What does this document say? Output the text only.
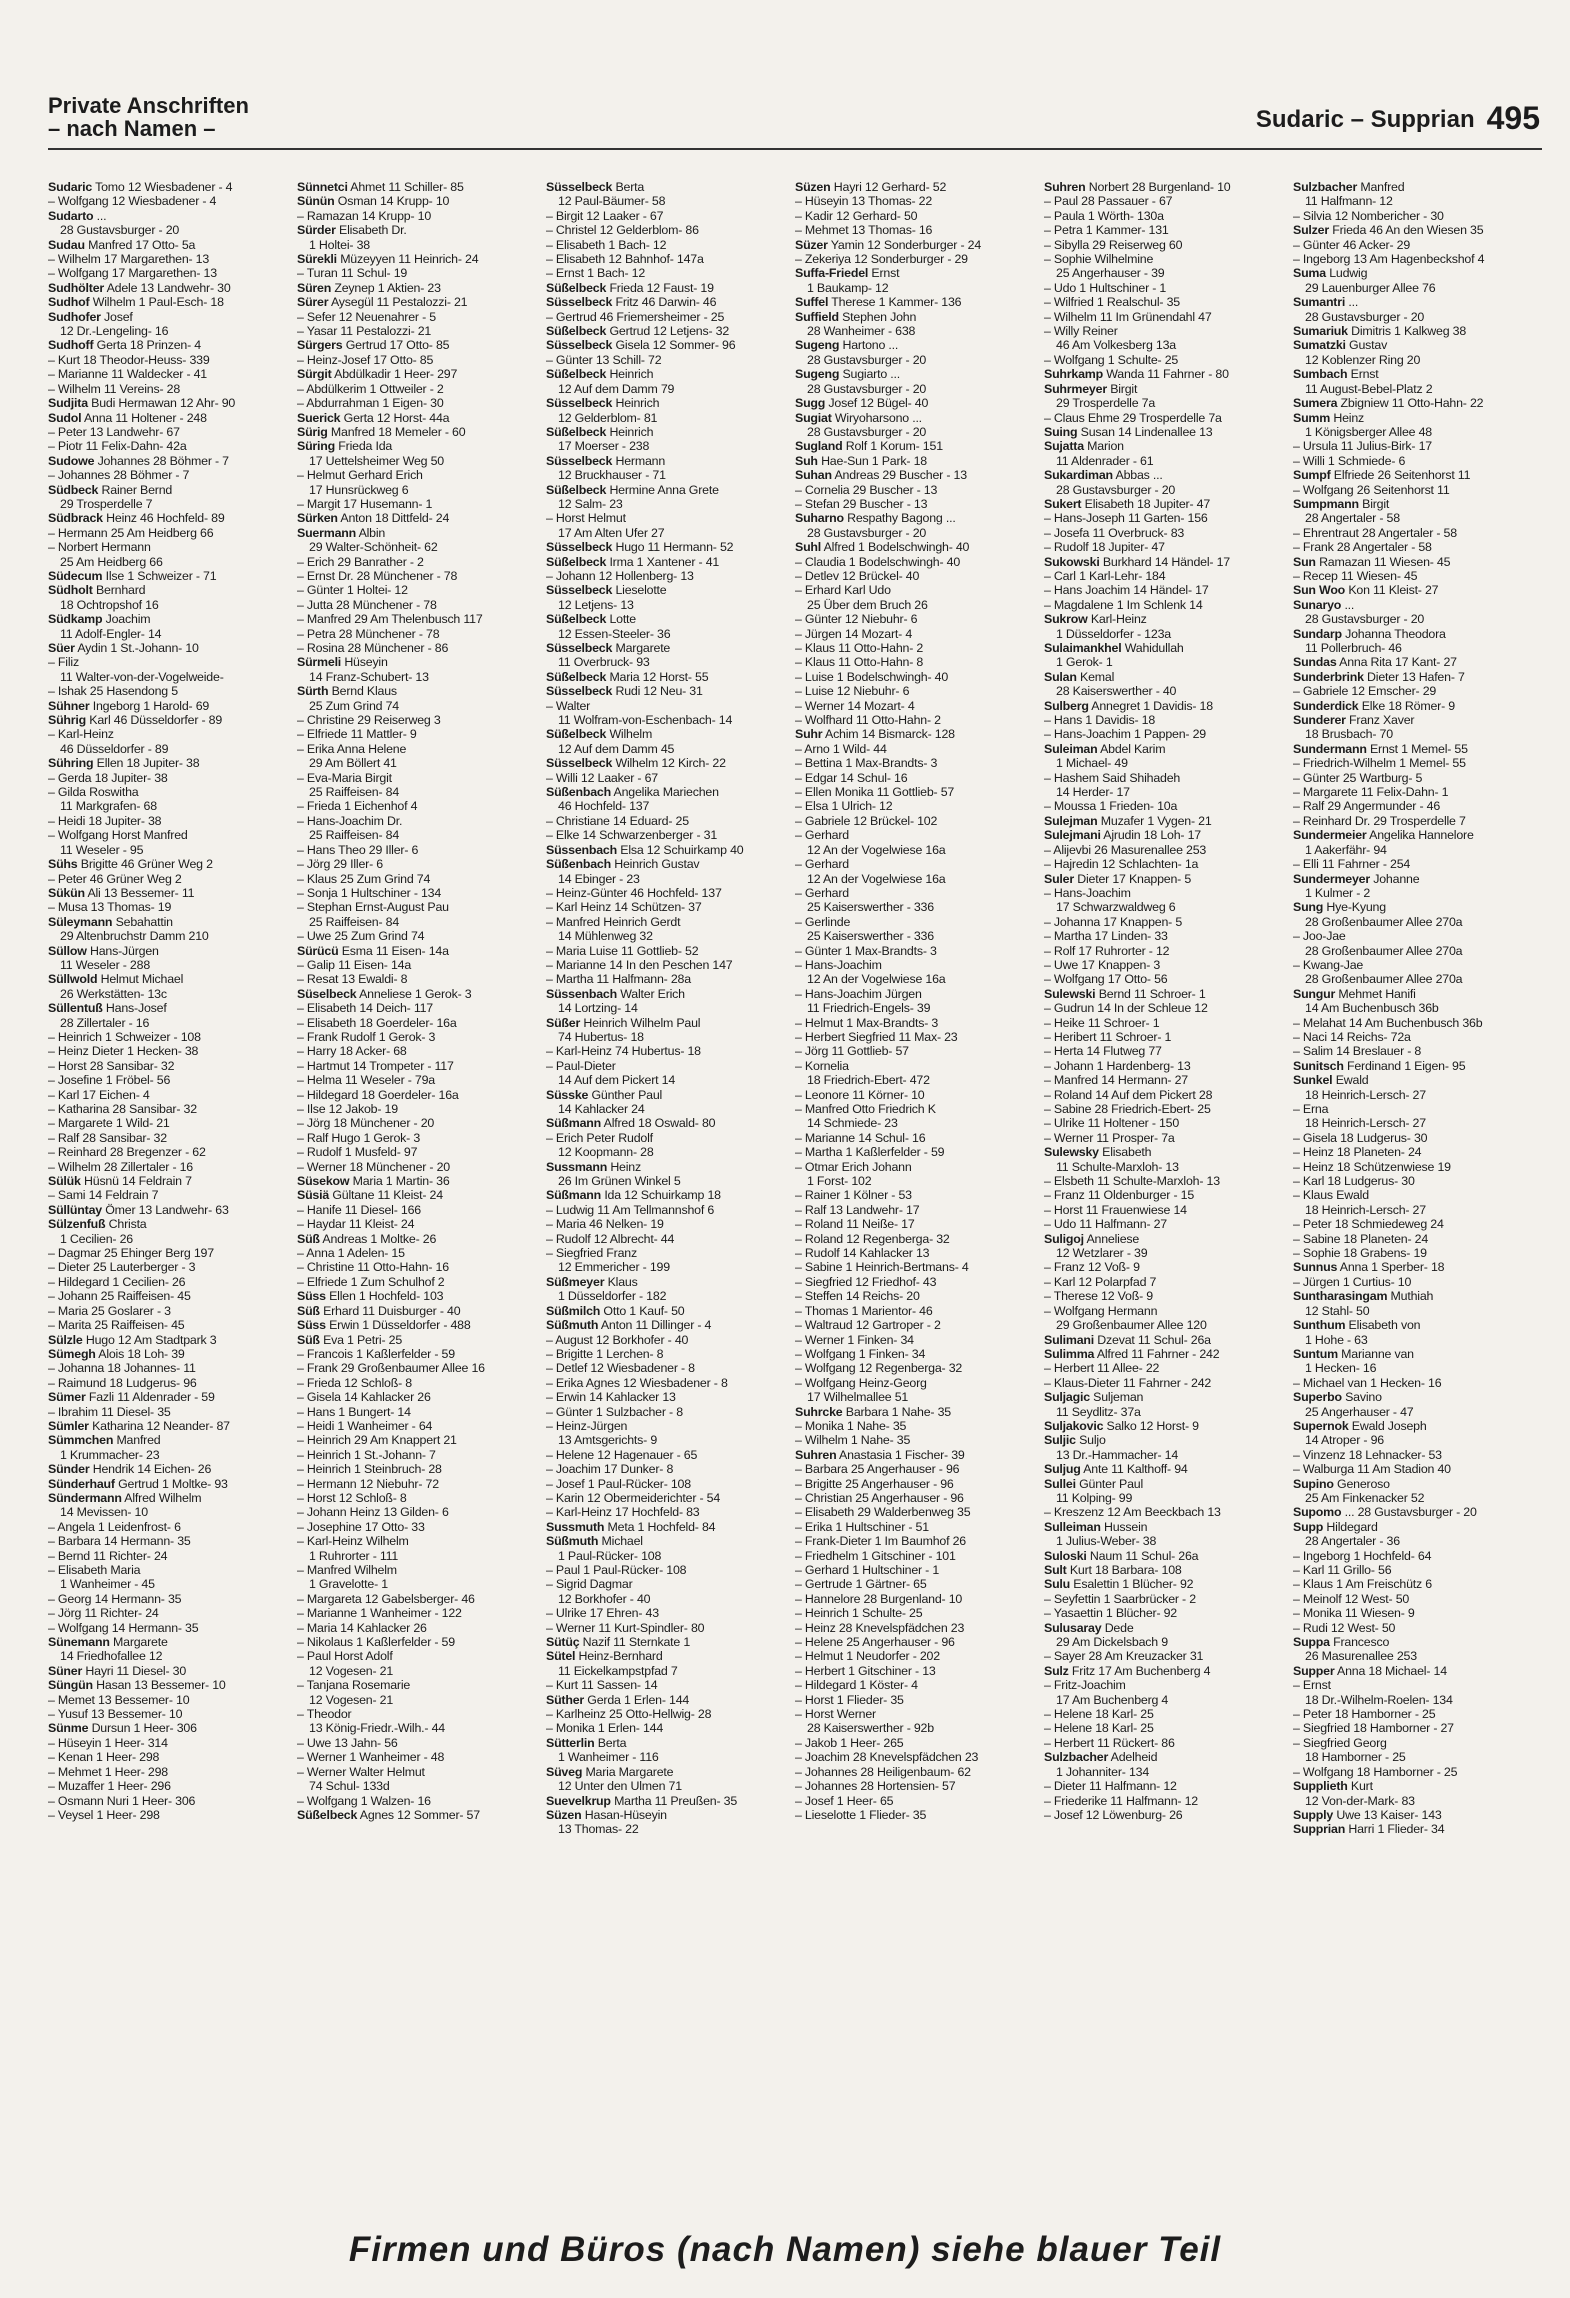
Private Anschriften
– nach Namen –	Sudaric – Supprian 495
Sudaric Tomo 12 Wiesbadener - 4
– Wolfgang 12 Wiesbadener - 4
Sudarto ...
28 Gustavsburger - 20
Sudau Manfred 17 Otto- 5a
– Wilhelm 17 Margarethen- 13
– Wolfgang 17 Margarethen- 13
Sudhölter Adele 13 Landwehr- 30
Sudhof Wilhelm 1 Paul-Esch- 18
Sudhofer Josef
12 Dr.-Lengeling- 16
Sudhoff Gerta 18 Prinzen- 4
– Kurt 18 Theodor-Heuss- 339
– Marianne 11 Waldecker - 41
– Wilhelm 11 Vereins- 28
Sudjita Budi Hermawan 12 Ahr- 90
Sudol Anna 11 Holtener - 248
– Peter 13 Landwehr- 67
– Piotr 11 Felix-Dahn- 42a
Sudowe Johannes 28 Böhmer - 7
– Johannes 28 Böhmer - 7
Südbeck Rainer Bernd
29 Trosperdelle 7
Südbrack Heinz 46 Hochfeld- 89
– Hermann 25 Am Heidberg 66
– Norbert Hermann
25 Am Heidberg 66
Südecum Ilse 1 Schweizer - 71
Südholt Bernhard
18 Ochtropshof 16
Südkamp Joachim
11 Adolf-Engler- 14
Süer Aydin 1 St.-Johann- 10
– Filiz
11 Walter-von-der-Vogelweide-
– Ishak 25 Hasendong 5
Sühner Ingeborg 1 Harold- 69
Sührig Karl 46 Düsseldorfer - 89
– Karl-Heinz
46 Düsseldorfer - 89
Sühring Ellen 18 Jupiter- 38
– Gerda 18 Jupiter- 38
– Gilda Roswitha
11 Markgrafen- 68
– Heidi 18 Jupiter- 38
– Wolfgang Horst Manfred
11 Weseler - 95
Sühs Brigitte 46 Grüner Weg 2
– Peter 46 Grüner Weg 2
Sükün Ali 13 Bessemer- 11
– Musa 13 Thomas- 19
Süleymann Sebahattin
29 Altenbruchstr Damm 210
Süllow Hans-Jürgen
11 Weseler - 288
Süllwold Helmut Michael
26 Werkstätten- 13c
Süllentuß Hans-Josef
28 Zillertaler - 16
– Heinrich 1 Schweizer - 108
– Heinz Dieter 1 Hecken- 38
– Horst 28 Sansibar- 32
– Josefine 1 Fröbel- 56
– Karl 17 Eichen- 4
– Katharina 28 Sansibar- 32
– Margarete 1 Wild- 21
– Ralf 28 Sansibar- 32
– Reinhard 28 Bregenzer - 62
– Wilhelm 28 Zillertaler - 16
Sülük Hüsnü 14 Feldrain 7
– Sami 14 Feldrain 7
Süllüntay Ömer 13 Landwehr- 63
Sülzenfuß Christa
1 Cecilien- 26
– Dagmar 25 Ehinger Berg 197
– Dieter 25 Lauterberger - 3
– Hildegard 1 Cecilien- 26
– Johann 25 Raiffeisen- 45
– Maria 25 Goslarer - 3
– Marita 25 Raiffeisen- 45
Sülzle Hugo 12 Am Stadtpark 3
Sümegh Alois 18 Loh- 39
– Johanna 18 Johannes- 11
– Raimund 18 Ludgerus- 96
Sümer Fazli 11 Aldenrader - 59
– Ibrahim 11 Diesel- 35
Sümler Katharina 12 Neander- 87
Sümmchen Manfred
1 Krummacher- 23
Sünder Hendrik 14 Eichen- 26
Sünderhauf Gertrud 1 Moltke- 93
Sündermann Alfred Wilhelm
14 Mevissen- 10
– Angela 1 Leidenfrost- 6
– Barbara 14 Hermann- 35
– Bernd 11 Richter- 24
– Elisabeth Maria
1 Wanheimer - 45
– Georg 14 Hermann- 35
– Jörg 11 Richter- 24
– Wolfgang 14 Hermann- 35
Sünemann Margarete
14 Friedhofallee 12
Süner Hayri 11 Diesel- 30
Süngün Hasan 13 Bessemer- 10
– Memet 13 Bessemer- 10
– Yusuf 13 Bessemer- 10
Sünme Dursun 1 Heer- 306
– Hüseyin 1 Heer- 314
– Kenan 1 Heer- 298
– Mehmet 1 Heer- 298
– Muzaffer 1 Heer- 296
– Osmann Nuri 1 Heer- 306
– Veysel 1 Heer- 298
Sünnetci Ahmet 11 Schiller- 85
Sünün Osman 14 Krupp- 10
– Ramazan 14 Krupp- 10
Sürder Elisabeth Dr.
1 Holtei- 38
Sürekli Müzeyyen 11 Heinrich- 24
– Turan 11 Schul- 19
Süren Zeynep 1 Aktien- 23
Sürer Aysegül 11 Pestalozzi- 21
– Sefer 12 Neuenahrer - 5
– Yasar 11 Pestalozzi- 21
Sürgers Gertrud 17 Otto- 85
– Heinz-Josef 17 Otto- 85
Sürgit Abdülkadir 1 Heer- 297
– Abdülkerim 1 Ottweiler - 2
– Abdurrahman 1 Eigen- 30
Suerick Gerta 12 Horst- 44a
Sürig Manfred 18 Memeler - 60
Süring Frieda Ida
17 Uettelsheimer Weg 50
– Helmut Gerhard Erich
17 Hunsrückweg 6
– Margit 17 Husemann- 1
Sürken Anton 18 Dittfeld- 24
Suermann Albin
29 Walter-Schönheit- 62
– Erich 29 Banrather - 2
– Ernst Dr. 28 Münchener - 78
– Günter 1 Holtei- 12
– Jutta 28 Münchener - 78
– Manfred 29 Am Thelenbusch 117
– Petra 28 Münchener - 78
– Rosina 28 Münchener - 86
Sürmeli Hüseyin
14 Franz-Schubert- 13
Sürth Bernd Klaus
25 Zum Grind 74
– Christine 29 Reiserweg 3
– Elfriede 11 Mattler- 9
– Erika Anna Helene
29 Am Böllert 41
– Eva-Maria Birgit
25 Raiffeisen- 84
– Frieda 1 Eichenhof 4
– Hans-Joachim Dr.
25 Raiffeisen- 84
– Hans Theo 29 Iller- 6
– Jörg 29 Iller- 6
– Klaus 25 Zum Grind 74
– Sonja 1 Hultschiner - 134
– Stephan Ernst-August Pau
25 Raiffeisen- 84
– Uwe 25 Zum Grind 74
Sürücü Esma 11 Eisen- 14a
– Galip 11 Eisen- 14a
– Resat 13 Ewaldi- 8
Süselbeck Anneliese 1 Gerok- 3
– Elisabeth 14 Deich- 117
– Elisabeth 18 Goerdeler- 16a
– Frank Rudolf 1 Gerok- 3
– Harry 18 Acker- 68
– Hartmut 14 Trompeter - 117
– Helma 11 Weseler - 79a
– Hildegard 18 Goerdeler- 16a
– Ilse 12 Jakob- 19
– Jörg 18 Münchener - 20
– Ralf Hugo 1 Gerok- 3
– Rudolf 1 Musfeld- 97
– Werner 18 Münchener - 20
Süsekow Maria 1 Martin- 36
Süsiä Gültane 11 Kleist- 24
– Hanife 11 Diesel- 166
– Haydar 11 Kleist- 24
Süß Andreas 1 Moltke- 26
– Anna 1 Adelen- 15
– Christine 11 Otto-Hahn- 16
– Elfriede 1 Zum Schulhof 2
Süss Ellen 1 Hochfeld- 103
Süß Erhard 11 Duisburger - 40
Süss Erwin 1 Düsseldorfer - 488
Süß Eva 1 Petri- 25
– Francois 1 Kaßlerfelder - 59
– Frank 29 Großenbaumer Allee 16
– Frieda 12 Schloß- 8
– Gisela 14 Kahlacker 26
– Hans 1 Bungert- 14
– Heidi 1 Wanheimer - 64
– Heinrich 29 Am Knappert 21
– Heinrich 1 St.-Johann- 7
– Heinrich 1 Steinbruch- 28
– Hermann 12 Niebuhr- 72
– Horst 12 Schloß- 8
– Johann Heinz 13 Gilden- 6
– Josephine 17 Otto- 33
– Karl-Heinz Wilhelm
1 Ruhrorter - 111
– Manfred Wilhelm
1 Gravelotte- 1
– Margareta 12 Gabelsberger- 46
– Marianne 1 Wanheimer - 122
– Maria 14 Kahlacker 26
– Nikolaus 1 Kaßlerfelder - 59
– Paul Horst Adolf
12 Vogesen- 21
– Tanjana Rosemarie
12 Vogesen- 21
– Theodor
13 König-Friedr.-Wilh.- 44
– Uwe 13 Jahn- 56
– Werner 1 Wanheimer - 48
– Werner Walter Helmut
74 Schul- 133d
– Wolfgang 1 Walzen- 16
Süßelbeck Agnes 12 Sommer- 57
Süsselbeck Berta
12 Paul-Bäumer- 58
– Birgit 12 Laaker - 67
– Christel 12 Gelderblom- 86
– Elisabeth 1 Bach- 12
– Elisabeth 12 Bahnhof- 147a
– Ernst 1 Bach- 12
Süßelbeck Frieda 12 Faust- 19
Süsselbeck Fritz 46 Darwin- 46
– Gertrud 46 Friemersheimer - 25
Süßelbeck Gertrud 12 Letjens- 32
Süsselbeck Gisela 12 Sommer- 96
– Günter 13 Schill- 72
Süßelbeck Heinrich
12 Auf dem Damm 79
Süsselbeck Heinrich
12 Gelderblom- 81
Süßelbeck Heinrich
17 Moerser - 238
Süsselbeck Hermann
12 Bruckhauser - 71
Süßelbeck Hermine Anna Grete
12 Salm- 23
– Horst Helmut
17 Am Alten Ufer 27
Süsselbeck Hugo 11 Hermann- 52
Süßelbeck Irma 1 Xantener - 41
– Johann 12 Hollenberg- 13
Süsselbeck Lieselotte
12 Letjens- 13
Süßelbeck Lotte
12 Essen-Steeler- 36
Süsselbeck Margarete
11 Overbruck- 93
Süßelbeck Maria 12 Horst- 55
Süsselbeck Rudi 12 Neu- 31
– Walter
11 Wolfram-von-Eschenbach- 14
Süßelbeck Wilhelm
12 Auf dem Damm 45
Süsselbeck Wilhelm 12 Kirch- 22
– Willi 12 Laaker - 67
Süßenbach Angelika Mariechen
46 Hochfeld- 137
– Christiane 14 Eduard- 25
– Elke 14 Schwarzenberger - 31
Süssenbach Elsa 12 Schuirkamp 40
Süßenbach Heinrich Gustav
14 Ebinger - 23
– Heinz-Günter 46 Hochfeld- 137
– Karl Heinz 14 Schützen- 37
– Manfred Heinrich Gerdt
14 Mühlenweg 32
– Maria Luise 11 Gottlieb- 52
– Marianne 14 In den Peschen 147
– Martha 11 Halfmann- 28a
Süssenbach Walter Erich
14 Lortzing- 14
Süßer Heinrich Wilhelm Paul
74 Hubertus- 18
– Karl-Heinz 74 Hubertus- 18
– Paul-Dieter
14 Auf dem Pickert 14
Süsske Günther Paul
14 Kahlacker 24
Süßmann Alfred 18 Oswald- 80
– Erich Peter Rudolf
12 Koopmann- 28
Sussmann Heinz
26 Im Grünen Winkel 5
Süßmann Ida 12 Schuirkamp 18
– Ludwig 11 Am Tellmannshof 6
– Maria 46 Nelken- 19
– Rudolf 12 Albrecht- 44
– Siegfried Franz
12 Emmericher - 199
Süßmeyer Klaus
1 Düsseldorfer - 182
Süßmilch Otto 1 Kauf- 50
Süßmuth Anton 11 Dillinger - 4
– August 12 Borkhofer - 40
– Brigitte 1 Lerchen- 8
– Detlef 12 Wiesbadener - 8
– Erika Agnes 12 Wiesbadener - 8
– Erwin 14 Kahlacker 13
– Günter 1 Sulzbacher - 8
– Heinz-Jürgen
13 Amtsgerichts- 9
– Helene 12 Hagenauer - 65
– Joachim 17 Dunker- 8
– Josef 1 Paul-Rücker- 108
– Karin 12 Obermeiderichter - 54
– Karl-Heinz 17 Hochfeld- 83
Sussmuth Meta 1 Hochfeld- 84
Süßmuth Michael
1 Paul-Rücker- 108
– Paul 1 Paul-Rücker- 108
– Sigrid Dagmar
12 Borkhofer - 40
– Ulrike 17 Ehren- 43
– Werner 11 Kurt-Spindler- 80
Sütüç Nazif 11 Sternkate 1
Sütel Heinz-Bernhard
11 Eickelkampstpfad 7
– Kurt 11 Sassen- 14
Süther Gerda 1 Erlen- 144
– Karlheinz 25 Otto-Hellwig- 28
– Monika 1 Erlen- 144
Sütterlin Berta
1 Wanheimer - 116
Süveg Maria Margarete
12 Unter den Ulmen 71
Suevelkrup Martha 11 Preußen- 35
Süzen Hasan-Hüseyin
13 Thomas- 22
Süzen Hayri 12 Gerhard- 52
– Hüseyin 13 Thomas- 22
– Kadir 12 Gerhard- 50
– Mehmet 13 Thomas- 16
Süzer Yamin 12 Sonderburger - 24
– Zekeriya 12 Sonderburger - 29
Suffa-Friedel Ernst
1 Baukamp- 12
Suffel Therese 1 Kammer- 136
Suffield Stephen John
28 Wanheimer - 638
Sugeng Hartono ...
28 Gustavsburger - 20
Sugeng Sugiarto ...
28 Gustavsburger - 20
Sugg Josef 12 Bügel- 40
Sugiat Wiryoharsono ...
28 Gustavsburger - 20
Sugland Rolf 1 Korum- 151
Suh Hae-Sun 1 Park- 18
Suhan Andreas 29 Buscher - 13
– Cornelia 29 Buscher - 13
– Stefan 29 Buscher - 13
Suharno Respathy Bagong ...
28 Gustavsburger - 20
Suhl Alfred 1 Bodelschwingh- 40
– Claudia 1 Bodelschwingh- 40
– Detlev 12 Brückel- 40
– Erhard Karl Udo
25 Über dem Bruch 26
– Günter 12 Niebuhr- 6
– Jürgen 14 Mozart- 4
– Klaus 11 Otto-Hahn- 2
– Klaus 11 Otto-Hahn- 8
– Luise 1 Bodelschwingh- 40
– Luise 12 Niebuhr- 6
– Werner 14 Mozart- 4
– Wolfhard 11 Otto-Hahn- 2
Suhr Achim 14 Bismarck- 128
– Arno 1 Wild- 44
– Bettina 1 Max-Brandts- 3
– Edgar 14 Schul- 16
– Ellen Monika 11 Gottlieb- 57
– Elsa 1 Ulrich- 12
– Gabriele 12 Brückel- 102
– Gerhard
12 An der Vogelwiese 16a
– Gerhard
12 An der Vogelwiese 16a
– Gerhard
25 Kaiserswerther - 336
– Gerlinde
25 Kaiserswerther - 336
– Günter 1 Max-Brandts- 3
– Hans-Joachim
12 An der Vogelwiese 16a
– Hans-Joachim Jürgen
11 Friedrich-Engels- 39
– Helmut 1 Max-Brandts- 3
– Herbert Siegfried 11 Max- 23
– Jörg 11 Gottlieb- 57
– Kornelia
18 Friedrich-Ebert- 472
– Leonore 11 Körner- 10
– Manfred Otto Friedrich K
14 Schmiede- 23
– Marianne 14 Schul- 16
– Martha 1 Kaßlerfelder - 59
– Otmar Erich Johann
1 Forst- 102
– Rainer 1 Kölner - 53
– Ralf 13 Landwehr- 17
– Roland 11 Neiße- 17
– Roland 12 Regenberga- 32
– Rudolf 14 Kahlacker 13
– Sabine 1 Heinrich-Bertmans- 4
– Siegfried 12 Friedhof- 43
– Steffen 14 Reichs- 20
– Thomas 1 Marientor- 46
– Waltraud 12 Gartroper - 2
– Werner 1 Finken- 34
– Wolfgang 1 Finken- 34
– Wolfgang 12 Regenberga- 32
– Wolfgang Heinz-Georg
17 Wilhelmallee 51
Suhrcke Barbara 1 Nahe- 35
– Monika 1 Nahe- 35
– Wilhelm 1 Nahe- 35
Suhren Anastasia 1 Fischer- 39
– Barbara 25 Angerhauser - 96
– Brigitte 25 Angerhauser - 96
– Christian 25 Angerhauser - 96
– Elisabeth 29 Walderbenweg 35
– Erika 1 Hultschiner - 51
– Frank-Dieter 1 Im Baumhof 26
– Friedhelm 1 Gitschiner - 101
– Gerhard 1 Hultschiner - 1
– Gertrude 1 Gärtner- 65
– Hannelore 28 Burgenland- 10
– Heinrich 1 Schulte- 25
– Heinz 28 Knevelspfädchen 23
– Helene 25 Angerhauser - 96
– Helmut 1 Neudorfer - 202
– Herbert 1 Gitschiner - 13
– Hildegard 1 Köster- 4
– Horst 1 Flieder- 35
– Horst Werner
28 Kaiserswerther - 92b
– Jakob 1 Heer- 265
– Joachim 28 Knevelspfädchen 23
– Johannes 28 Heiligenbaum- 62
– Johannes 28 Hortensien- 57
– Josef 1 Heer- 65
– Lieselotte 1 Flieder- 35
Suhren Norbert 28 Burgenland- 10
– Paul 28 Passauer - 67
– Paula 1 Wörth- 130a
– Petra 1 Kammer- 131
– Sibylla 29 Reiserweg 60
– Sophie Wilhelmine
25 Angerhauser - 39
– Udo 1 Hultschiner - 1
– Wilfried 1 Realschul- 35
– Wilhelm 11 Im Grünendahl 47
– Willy Reiner
46 Am Volkesberg 13a
– Wolfgang 1 Schulte- 25
Suhrkamp Wanda 11 Fahrner - 80
Suhrmeyer Birgit
29 Trosperdelle 7a
– Claus Ehme 29 Trosperdelle 7a
Suing Susan 14 Lindenallee 13
Sujatta Marion
11 Aldenrader - 61
Sukardiman Abbas ...
28 Gustavsburger - 20
Sukert Elisabeth 18 Jupiter- 47
– Hans-Joseph 11 Garten- 156
– Josefa 11 Overbruck- 83
– Rudolf 18 Jupiter- 47
Sukowski Burkhard 14 Händel- 17
– Carl 1 Karl-Lehr- 184
– Hans Joachim 14 Händel- 17
– Magdalene 1 Im Schlenk 14
Sukrow Karl-Heinz
1 Düsseldorfer - 123a
Sulaimankhel Wahidullah
1 Gerok- 1
Sulan Kemal
28 Kaiserswerther - 40
Sulberg Annegret 1 Davidis- 18
– Hans 1 Davidis- 18
– Hans-Joachim 1 Pappen- 29
Suleiman Abdel Karim
1 Michael- 49
– Hashem Said Shihadeh
14 Herder- 17
– Moussa 1 Frieden- 10a
Sulejman Muzafer 1 Vygen- 21
Sulejmani Ajrudin 18 Loh- 17
– Alijevbi 26 Masurenallee 253
– Hajredin 12 Schlachten- 1a
Suler Dieter 17 Knappen- 5
– Hans-Joachim
17 Schwarzwaldweg 6
– Johanna 17 Knappen- 5
– Martha 17 Linden- 33
– Rolf 17 Ruhrorter - 12
– Uwe 17 Knappen- 3
– Wolfgang 17 Otto- 56
Sulewski Bernd 11 Schroer- 1
– Gudrun 14 In der Schleue 12
– Heike 11 Schroer- 1
– Heribert 11 Schroer- 1
– Herta 14 Flutweg 77
– Johann 1 Hardenberg- 13
– Manfred 14 Hermann- 27
– Roland 14 Auf dem Pickert 28
– Sabine 28 Friedrich-Ebert- 25
– Ulrike 11 Holtener - 150
– Werner 11 Prosper- 7a
Sulewsky Elisabeth
11 Schulte-Marxloh- 13
– Elsbeth 11 Schulte-Marxloh- 13
– Franz 11 Oldenburger - 15
– Horst 11 Frauenwiese 14
– Udo 11 Halfmann- 27
Suligoj Anneliese
12 Wetzlarer - 39
– Franz 12 Voß- 9
– Karl 12 Polarpfad 7
– Therese 12 Voß- 9
– Wolfgang Hermann
29 Großenbaumer Allee 120
Sulimani Dzevat 11 Schul- 26a
Sulimma Alfred 11 Fahrner - 242
– Herbert 11 Allee- 22
– Klaus-Dieter 11 Fahrner - 242
Suljagic Suljeman
11 Seydlitz- 37a
Suljakovic Salko 12 Horst- 9
Suljic Suljo
13 Dr.-Hammacher- 14
Suljug Ante 11 Kalthoff- 94
Sullei Günter Paul
11 Kolping- 99
– Kreszenz 12 Am Beeckbach 13
Sulleiman Hussein
1 Julius-Weber- 38
Suloski Naum 11 Schul- 26a
Sult Kurt 18 Barbara- 108
Sulu Esalettin 1 Blücher- 92
– Seyfettin 1 Saarbrücker - 2
– Yasaettin 1 Blücher- 92
Sulusaray Dede
29 Am Dickelsbach 9
– Sayer 28 Am Kreuzacker 31
Sulz Fritz 17 Am Buchenberg 4
– Fritz-Joachim
17 Am Buchenberg 4
– Helene 18 Karl- 25
– Helene 18 Karl- 25
– Herbert 11 Rückert- 86
Sulzbacher Adelheid
1 Johanniter- 134
– Dieter 11 Halfmann- 12
– Friederike 11 Halfmann- 12
– Josef 12 Löwenburg- 26
Sulzbacher Manfred
11 Halfmann- 12
– Silvia 12 Nombericher - 30
Sulzer Frieda 46 An den Wiesen 35
– Günter 46 Acker- 29
– Ingeborg 13 Am Hagenbeckshof 4
Suma Ludwig
29 Lauenburger Allee 76
Sumantri ...
28 Gustavsburger - 20
Sumariuk Dimitris 1 Kalkweg 38
Sumatzki Gustav
12 Koblenzer Ring 20
Sumbach Ernst
11 August-Bebel-Platz 2
Sumera Zbigniew 11 Otto-Hahn- 22
Summ Heinz
1 Königsberger Allee 48
– Ursula 11 Julius-Birk- 17
– Willi 1 Schmiede- 6
Sumpf Elfriede 26 Seitenhorst 11
– Wolfgang 26 Seitenhorst 11
Sumpmann Birgit
28 Angertaler - 58
– Ehrentraut 28 Angertaler - 58
– Frank 28 Angertaler - 58
Sun Ramazan 11 Wiesen- 45
– Recep 11 Wiesen- 45
Sun Woo Kon 11 Kleist- 27
Sunaryo ...
28 Gustavsburger - 20
Sundarp Johanna Theodora
11 Pollerbruch- 46
Sundas Anna Rita 17 Kant- 27
Sunderbrink Dieter 13 Hafen- 7
– Gabriele 12 Emscher- 29
Sunderdick Elke 18 Römer- 9
Sunderer Franz Xaver
18 Brusbach- 70
Sundermann Ernst 1 Memel- 55
– Friedrich-Wilhelm 1 Memel- 55
– Günter 25 Wartburg- 5
– Margarete 11 Felix-Dahn- 1
– Ralf 29 Angermunder - 46
– Reinhard Dr. 29 Trosperdelle 7
Sundermeier Angelika Hannelore
1 Aakerfähr- 94
– Elli 11 Fahrner - 254
Sundermeyer Johanne
1 Kulmer - 2
Sung Hye-Kyung
28 Großenbaumer Allee 270a
– Joo-Jae
28 Großenbaumer Allee 270a
– Kwang-Jae
28 Großenbaumer Allee 270a
Sungur Mehmet Hanifi
14 Am Buchenbusch 36b
– Melahat 14 Am Buchenbusch 36b
– Naci 14 Reichs- 72a
– Salim 14 Breslauer - 8
Sunitsch Ferdinand 1 Eigen- 95
Sunkel Ewald
18 Heinrich-Lersch- 27
– Erna
18 Heinrich-Lersch- 27
– Gisela 18 Ludgerus- 30
– Heinz 18 Planeten- 24
– Heinz 18 Schützenwiese 19
– Karl 18 Ludgerus- 30
– Klaus Ewald
18 Heinrich-Lersch- 27
– Peter 18 Schmiedeweg 24
– Sabine 18 Planeten- 24
– Sophie 18 Grabens- 19
Sunnus Anna 1 Sperber- 18
– Jürgen 1 Curtius- 10
Suntharasingam Muthiah
12 Stahl- 50
Sunthum Elisabeth von
1 Hohe - 63
Suntum Marianne van
1 Hecken- 16
– Michael van 1 Hecken- 16
Superbo Savino
25 Angerhauser - 47
Supernok Ewald Joseph
14 Atroper - 96
– Vinzenz 18 Lehnacker- 53
– Walburga 11 Am Stadion 40
Supino Generoso
25 Am Finkenacker 52
Supomo ... 28 Gustavsburger - 20
Supp Hildegard
28 Angertaler - 36
– Ingeborg 1 Hochfeld- 64
– Karl 11 Grillo- 56
– Klaus 1 Am Freischütz 6
– Meinolf 12 West- 50
– Monika 11 Wiesen- 9
– Rudi 12 West- 50
Suppa Francesco
26 Masurenallee 253
Supper Anna 18 Michael- 14
– Ernst
18 Dr.-Wilhelm-Roelen- 134
– Peter 18 Hamborner - 25
– Siegfried 18 Hamborner - 27
– Siegfried Georg
18 Hamborner - 25
– Wolfgang 18 Hamborner - 25
Supplieth Kurt
12 Von-der-Mark- 83
Supply Uwe 13 Kaiser- 143
Supprian Harri 1 Flieder- 34
Firmen und Büros (nach Namen) siehe blauer Teil
